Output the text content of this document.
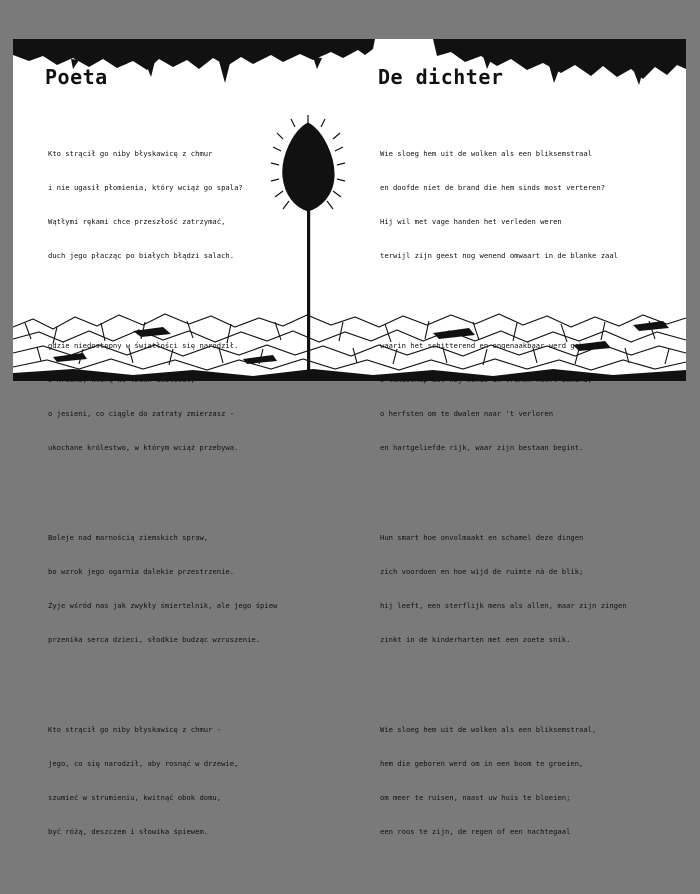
Poeta

Kto strącił go niby błyskawicę z chmur

i nie ugasił płomienia, który wciąż go spala?

Wątłymi rękami chce przeszłość zatrzymać,

duch jego płacząc po białych błądzi salach.

gdzie niedostępny w światłości się narodził.

O kraino, którą we łzach umiłował,

o jesieni, co ciągle do zatraty zmierzasz -

ukochane królestwo, w którym wciąż przebywa.

Boleje nad marnością ziemskich spraw,

bo wzrok jego ogarnia dalekie przestrzenie.

Żyje wśród nas jak zwykły śmiertelnik, ale jego śpiew

przenika serca dzieci, słodkie budząc wzruszenie.

Kto strącił go niby błyskawicę z chmur -

jego, co się narodził, aby rosnąć w drzewie,

szumieć w strumieniu, kwitnąć obok domu,

być różą, deszczem i słowika śpiewem.

De dichter

Wie sloeg hem uit de wolken als een bliksemstraal

en doofde niet de brand die hem sinds most verteren?

Hij wil met vage handen het verleden weren

terwijl zijn geest nog wenend omwaart in de blanke zaal

waarin het schitterend en ongenaakbaar werd geboren.

O landschap dat hij sinds in tranen heeft bemind,

o herfsten om te dwalen naar 't verloren

en hartgeliefde rijk, waar zijn bestaan begint.

Hun smart hoe onvolmaakt en schamel deze dingen

zich voordoen en hoe wijd de ruimte nà de blik;

hij leeft, een sterflijk mens als allen, maar zijn zingen

zinkt in de kinderharten met een zoete snik.

Wie sloeg hem uit de wolken als een bliksemstraal,

hem die geboren werd om in een boom te groeien,

om meer te ruisen, naast uw huis te bloeien;

een roos te zijn, de regen of een nachtegaal
